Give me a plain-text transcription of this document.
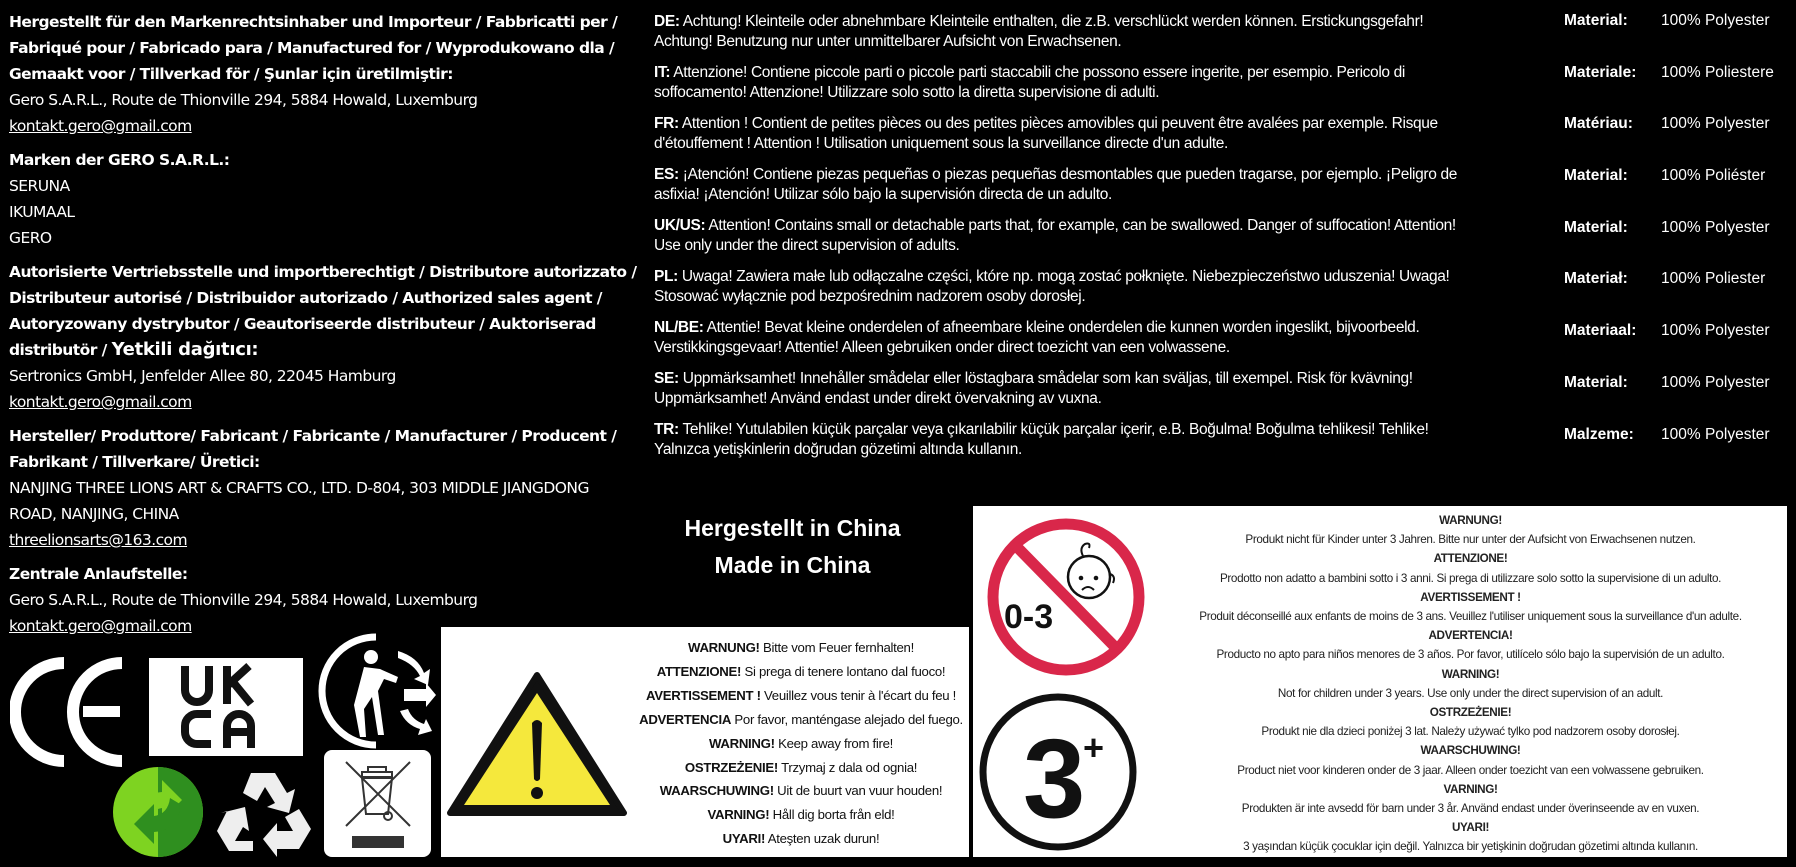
Hergestellt für den Markenrechtsinhaber und Importeur / Fabbricatti per /
Fabriqué pour / Fabricado para / Manufactured for / Wyprodukowano dla /
Gemaakt voor / Tillverkad för / Şunlar için üretilmiştir:
Gero S.A.R.L., Route de Thionville 294, 5884 Howald, Luxemburg
kontakt.gero@gmail.com
Marken der GERO S.A.R.L.:
SERUNA
IKUMAAL
GERO
Autorisierte Vertriebsstelle und importberechtigt / Distributore autorizzato /
Distributeur autorisé / Distribuidor autorizado / Authorized sales agent /
Autoryzowany dystrybutor / Geautoriseerde distributeur / Auktoriserad
distributör / Yetkili dağıtıcı:
Sertronics GmbH, Jenfelder Allee 80, 22045 Hamburg
kontakt.gero@gmail.com
Hersteller/ Produttore/ Fabricant / Fabricante / Manufacturer / Producent /
Fabrikant / Tillverkare/ Üretici:
NANJING THREE LIONS ART & CRAFTS CO., LTD. D-804, 303 MIDDLE JIANGDONG
ROAD, NANJING, CHINA
threelionsarts@163.com
Zentrale Anlaufstelle:
Gero S.A.R.L., Route de Thionville 294, 5884 Howald, Luxemburg
kontakt.gero@gmail.com
DE: Achtung! Kleinteile oder abnehmbare Kleinteile enthalten, die z.B. verschlückt werden können. Erstickungsgefahr!
Achtung! Benutzung nur unter unmittelbarer Aufsicht von Erwachsenen.
IT: Attenzione! Contiene piccole parti o piccole parti staccabili che possono essere ingerite, per esempio. Pericolo di
soffocamento! Attenzione! Utilizzare solo sotto la diretta supervisione di adulti.
FR: Attention ! Contient de petites pièces ou des petites pièces amovibles qui peuvent être avalées par exemple. Risque
d'étouffement ! Attention ! Utilisation uniquement sous la surveillance directe d'un adulte.
ES: ¡Atención! Contiene piezas pequeñas o piezas pequeñas desmontables que pueden tragarse, por ejemplo. ¡Peligro de
asfixia! ¡Atención! Utilizar sólo bajo la supervisión directa de un adulto.
UK/US: Attention! Contains small or detachable parts that, for example, can be swallowed. Danger of suffocation! Attention!
Use only under the direct supervision of adults.
PL: Uwaga! Zawiera małe lub odłączalne części, które np. mogą zostać połknięte. Niebezpieczeństwo uduszenia! Uwaga!
Stosować wyłącznie pod bezpośrednim nadzorem osoby dorosłej.
NL/BE: Attentie! Bevat kleine onderdelen of afneembare kleine onderdelen die kunnen worden ingeslikt, bijvoorbeeld.
Verstikkingsgevaar! Attentie! Alleen gebruiken onder direct toezicht van een volwassene.
SE: Uppmärksamhet! Innehåller smådelar eller löstagbara smådelar som kan sväljas, till exempel. Risk för kvävning!
Uppmärksamhet! Använd endast under direkt övervakning av vuxna.
TR: Tehlike! Yutulabilen küçük parçalar veya çıkarılabilir küçük parçalar içerir, e.B. Boğulma! Boğulma tehlikesi! Tehlike!
Yalnızca yetişkinlerin doğrudan gözetimi altında kullanın.
Material:	100% Polyester
Materiale:	100% Poliestere
Matériau:	100% Polyester
Material:	100% Poliéster
Material:	100% Polyester
Materiał:	100% Poliester
Materiaal:	100% Polyester
Material:	100% Polyester
Malzeme:	100% Polyester
Hergestellt in China
Made in China
WARNUNG! Bitte vom Feuer fernhalten!
ATTENZIONE! Si prega di tenere lontano dal fuoco!
AVERTISSEMENT ! Veuillez vous tenir à l'écart du feu !
ADVERTENCIA Por favor, manténgase alejado del fuego.
WARNING! Keep away from fire!
OSTRZEŻENIE! Trzymaj z dala od ognia!
WAARSCHUWING! Uit de buurt van vuur houden!
VARNING! Håll dig borta från eld!
UYARI! Ateşten uzak durun!
0-3
3
+
WARNUNG!
Produkt nicht für Kinder unter 3 Jahren. Bitte nur unter der Aufsicht von Erwachsenen nutzen.
ATTENZIONE!
Prodotto non adatto a bambini sotto i 3 anni. Si prega di utilizzare solo sotto la supervisione di un adulto.
AVERTISSEMENT !
Produit déconseillé aux enfants de moins de 3 ans. Veuillez l'utiliser uniquement sous la surveillance d'un adulte.
ADVERTENCIA!
Producto no apto para niños menores de 3 años. Por favor, utilícelo sólo bajo la supervisión de un adulto.
WARNING!
Not for children under 3 years. Use only under the direct supervision of an adult.
OSTRZEŻENIE!
Produkt nie dla dzieci poniżej 3 lat. Należy używać tylko pod nadzorem osoby dorosłej.
WAARSCHUWING!
Product niet voor kinderen onder de 3 jaar. Alleen onder toezicht van een volwassene gebruiken.
VARNING!
Produkten är inte avsedd för barn under 3 år. Använd endast under överinseende av en vuxen.
UYARI!
3 yaşından küçük çocuklar için değil. Yalnızca bir yetişkinin doğrudan gözetimi altında kullanın.
